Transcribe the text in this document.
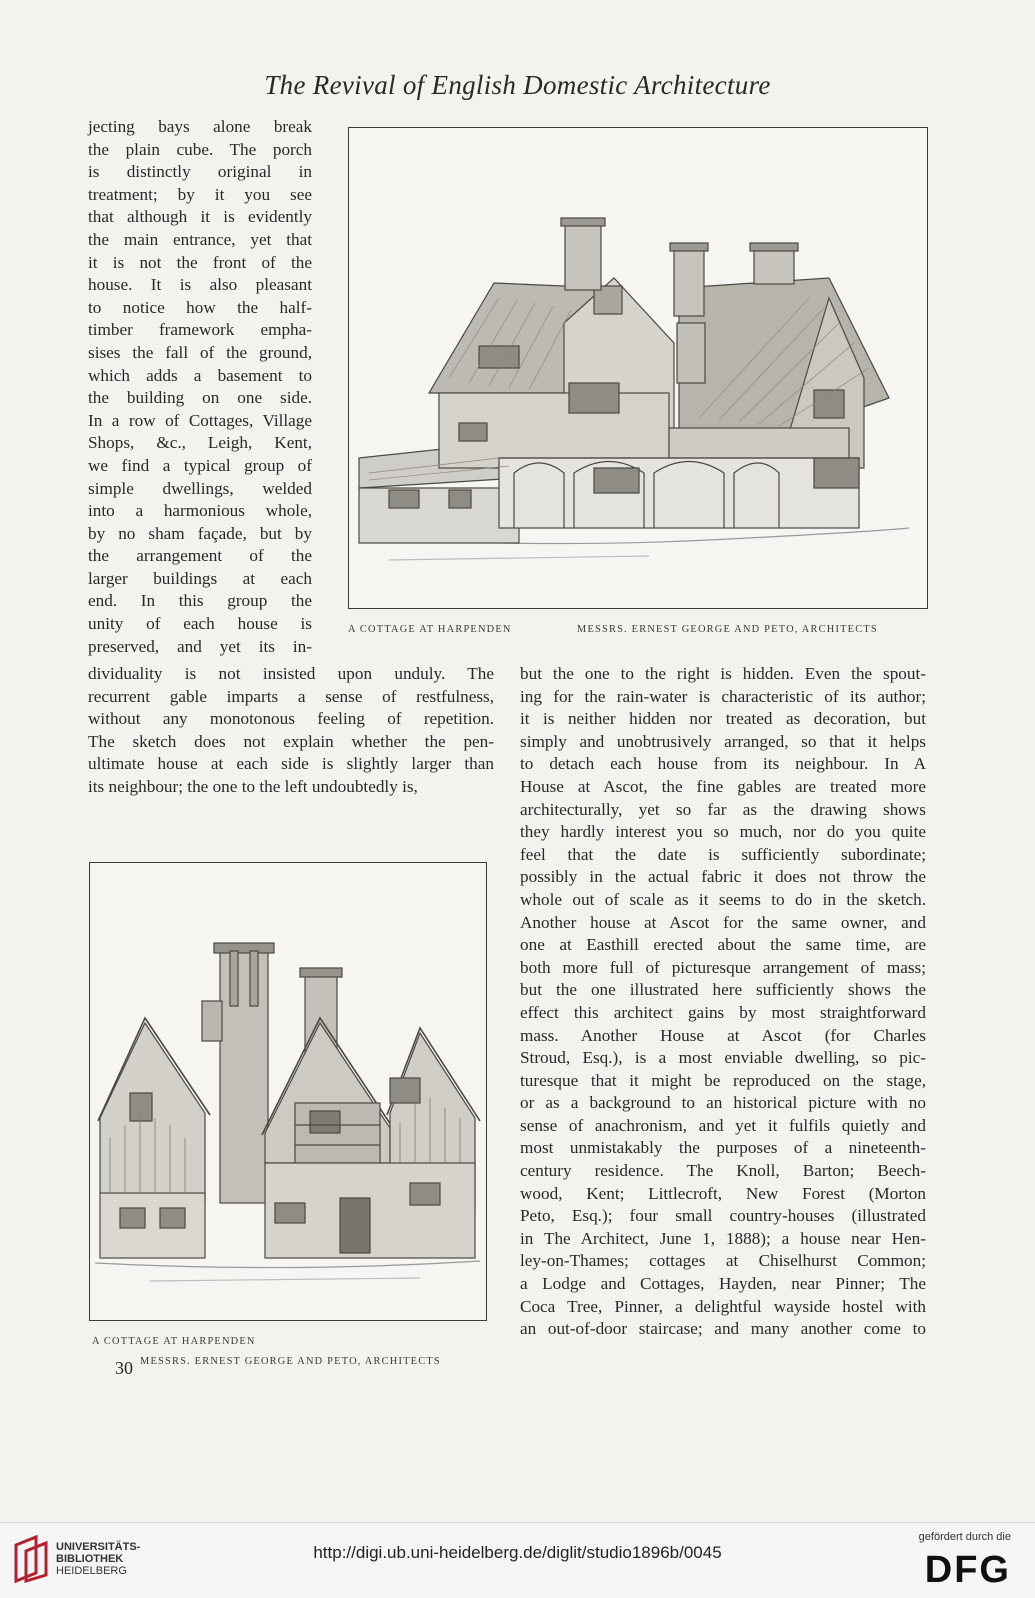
The Revival of English Domestic Architecture
jecting bays alone break
the plain cube. The porch
is distinctly original in
treatment; by it you see
that although it is evidently
the main entrance, yet that
it is not the front of the
house. It is also pleasant
to notice how the half-
timber framework empha-
sises the fall of the ground,
which adds a basement to
the building on one side.
In a row of Cottages, Village
Shops, &c., Leigh, Kent,
we find a typical group of
simple dwellings, welded
into a harmonious whole,
by no sham façade, but by
the arrangement of the
larger buildings at each
end. In this group the
unity of each house is
preserved, and yet its in-
A COTTAGE AT HARPENDEN	MESSRS. ERNEST GEORGE AND PETO, ARCHITECTS
dividuality is not insisted upon unduly. The
recurrent gable imparts a sense of restfulness,
without any monotonous feeling of repetition.
The sketch does not explain whether the pen-
ultimate house at each side is slightly larger than
its neighbour; the one to the left undoubtedly is,
but the one to the right is hidden. Even the spout-
ing for the rain-water is characteristic of its author;
it is neither hidden nor treated as decoration, but
simply and unobtrusively arranged, so that it helps
to detach each house from its neighbour. In A
House at Ascot, the fine gables are treated more
architecturally, yet so far as the drawing shows
they hardly interest you so much, nor do you quite
feel that the date is sufficiently subordinate;
possibly in the actual fabric it does not throw the
whole out of scale as it seems to do in the sketch.
Another house at Ascot for the same owner, and
one at Easthill erected about the same time, are
both more full of picturesque arrangement of mass;
but the one illustrated here sufficiently shows the
effect this architect gains by most straightforward
mass. Another House at Ascot (for Charles
Stroud, Esq.), is a most enviable dwelling, so pic-
turesque that it might be reproduced on the stage,
or as a background to an historical picture with no
sense of anachronism, and yet it fulfils quietly and
most unmistakably the purposes of a nineteenth-
century residence. The Knoll, Barton; Beech-
wood, Kent; Littlecroft, New Forest (Morton
Peto, Esq.); four small country-houses (illustrated
in The Architect, June 1, 1888); a house near Hen-
ley-on-Thames; cottages at Chiselhurst Common;
a Lodge and Cottages, Hayden, near Pinner; The
Coca Tree, Pinner, a delightful wayside hostel with
an out-of-door staircase; and many another come to
A COTTAGE AT HARPENDEN
MESSRS. ERNEST GEORGE AND PETO, ARCHITECTS
30
UNIVERSITÄTS-
BIBLIOTHEK
HEIDELBERG
http://digi.ub.uni-heidelberg.de/diglit/studio1896b/0045
gefördert durch die
DFG
